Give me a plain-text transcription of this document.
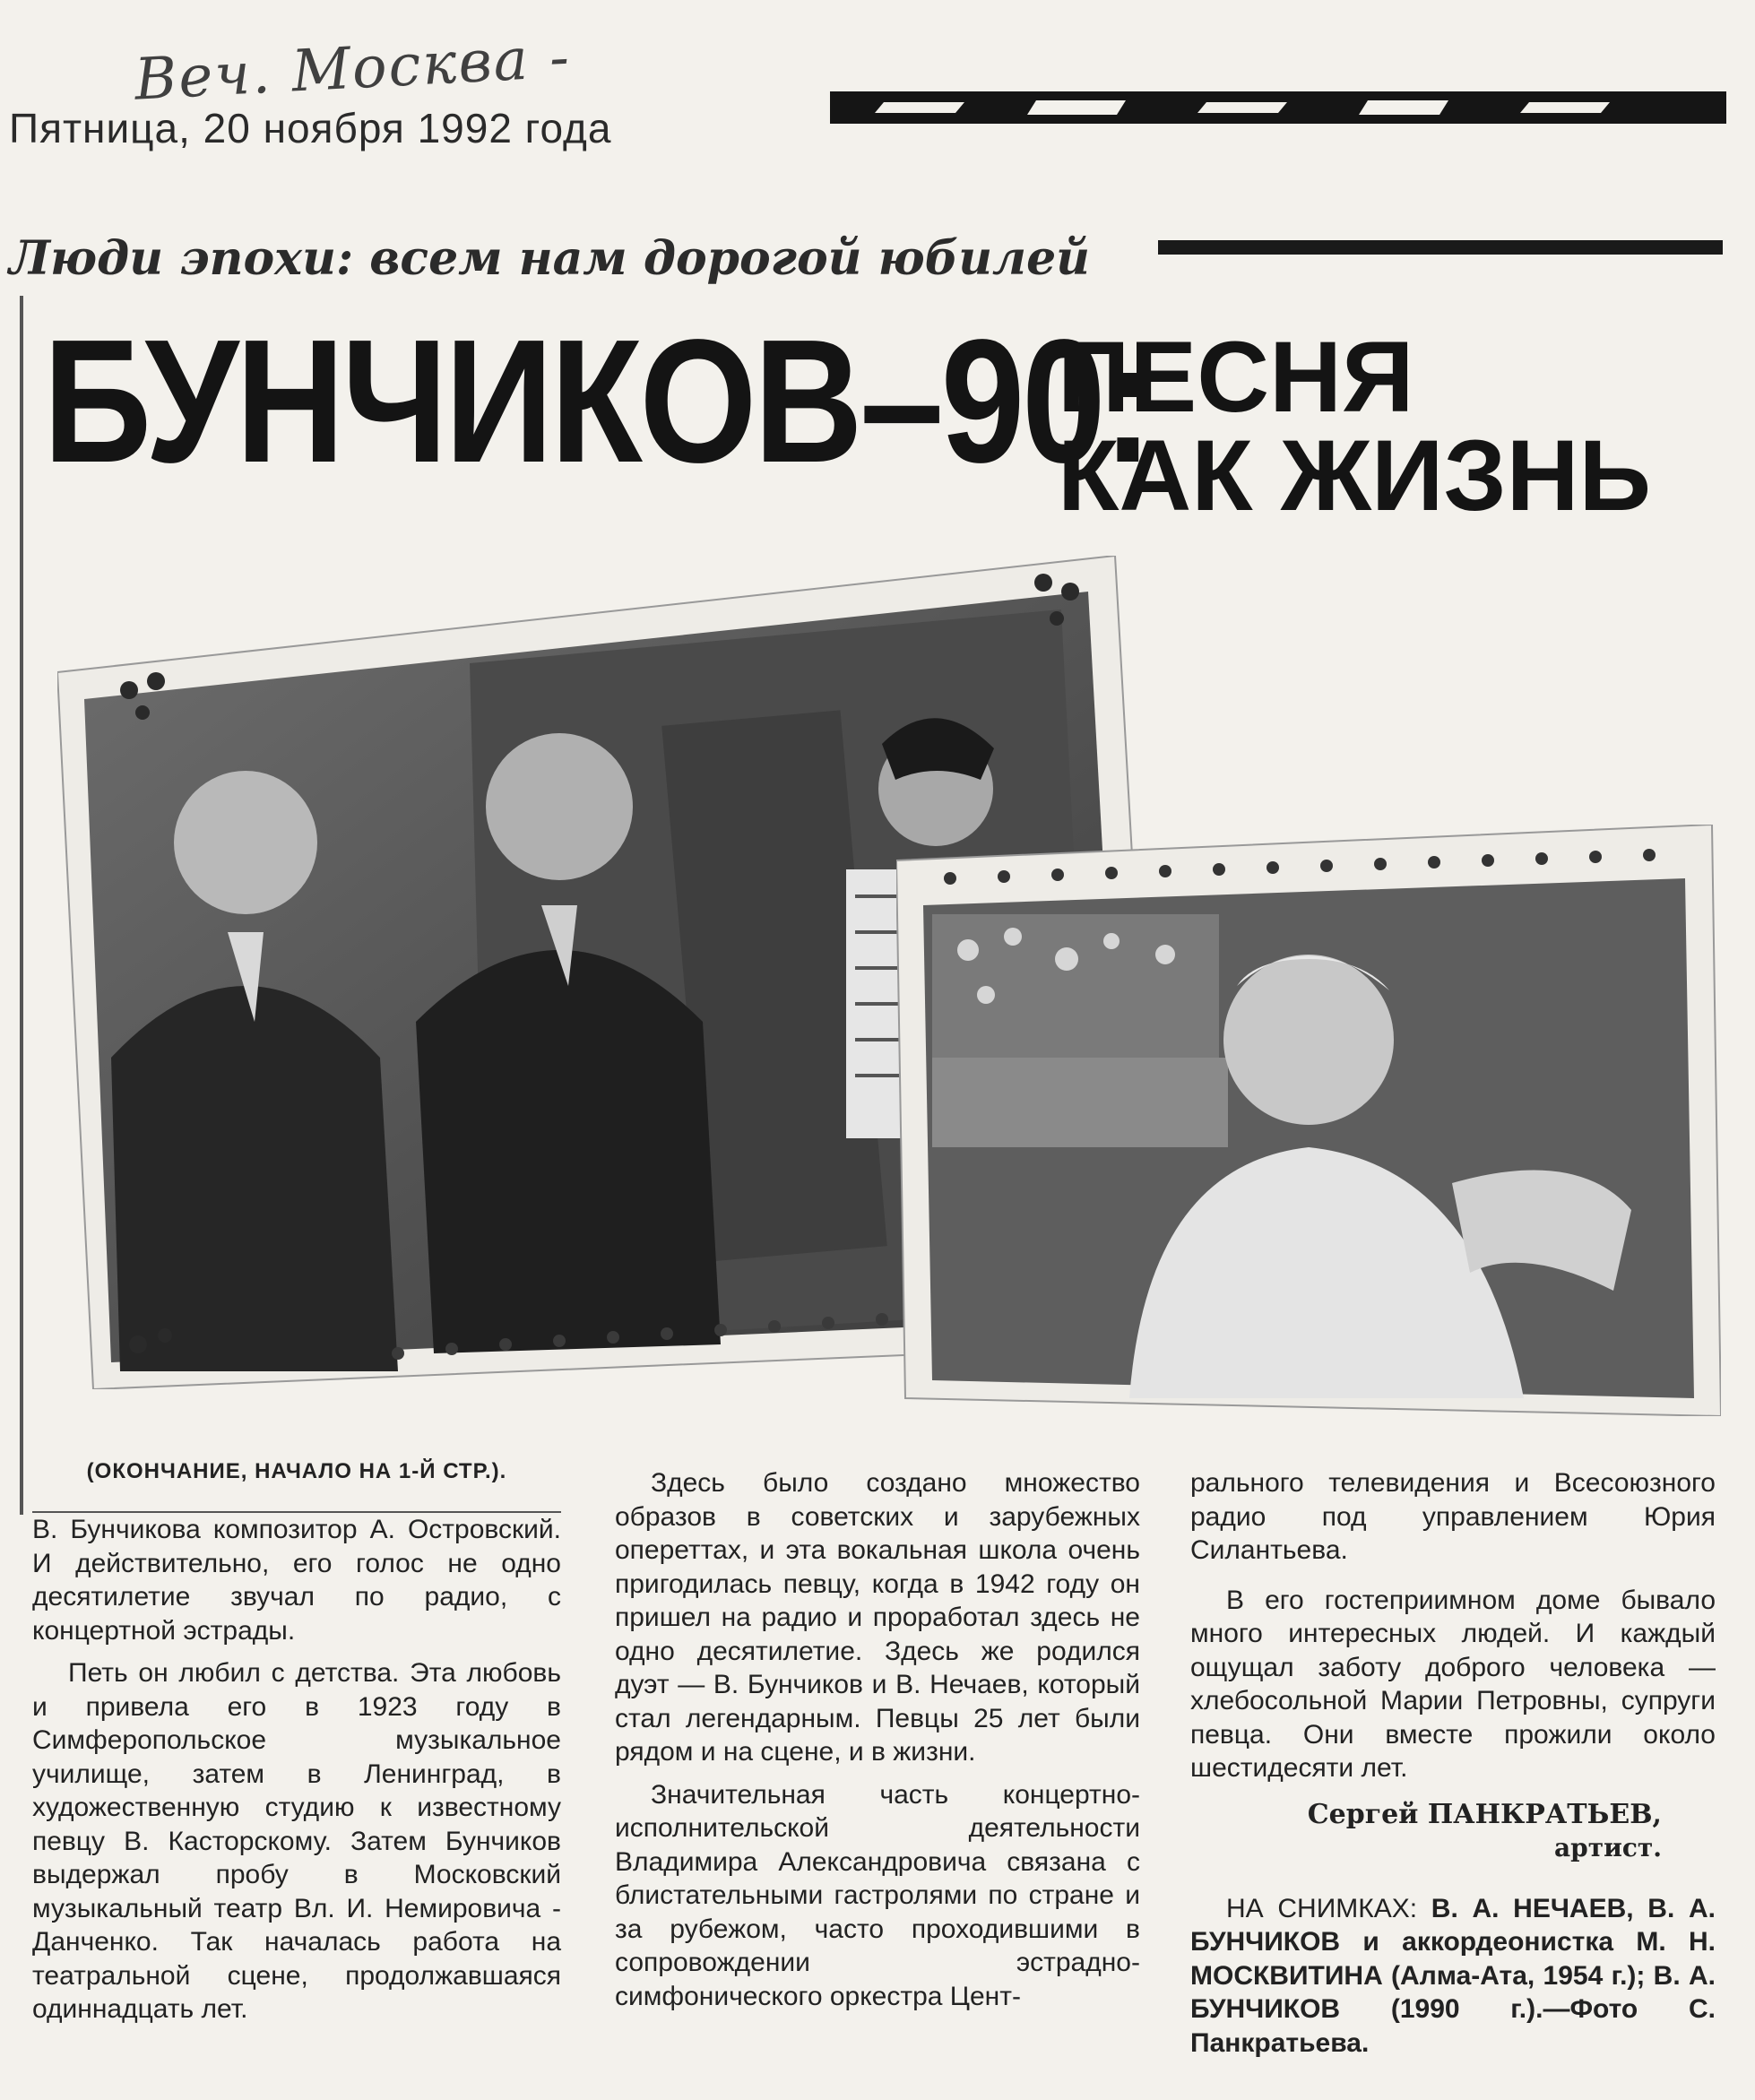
Веч. Москва -
Пятница, 20 ноября 1992 года
Люди эпохи: всем нам дорогой юбилей
БУНЧИКОВ–90:
ПЕСНЯ
КАК ЖИЗНЬ
(ОКОНЧАНИЕ, НАЧАЛО НА 1-Й СТР.).

В. Бунчикова композитор А. Островский. И действительно, его голос не одно десятилетие звучал по радио, с концертной эстрады.

Петь он любил с детства. Эта любовь и привела его в 1923 году в Симферопольское музыкальное училище, затем в Ленинград, в художественную студию к известному певцу В. Касторскому. Затем Бунчиков выдержал пробу в Московский музыкальный театр Вл. И. Немировича - Данченко. Так началась работа на театральной сцене, продолжавшаяся одиннадцать лет.

Здесь было создано множество образов в советских и зарубежных опереттах, и эта вокальная школа очень пригодилась певцу, когда в 1942 году он пришел на радио и проработал здесь не одно десятилетие. Здесь же родился дуэт — В. Бунчиков и В. Нечаев, который стал легендарным. Певцы 25 лет были рядом и на сцене, и в жизни.

Значительная часть концертно-исполнительской деятельности Владимира Александровича связана с блистательными гастролями по стране и за рубежом, часто проходившими в сопровождении эстрадно-симфонического оркестра Цент-

рального телевидения и Всесоюзного радио под управлением Юрия Силантьева.

В его гостеприимном доме бывало много интересных людей. И каждый ощущал заботу доброго человека — хлебосольной Марии Петровны, супруги певца. Они вместе прожили около шестидесяти лет.

Сергей ПАНКРАТЬЕВ,
артист.

НА СНИМКАХ: В. А. НЕЧАЕВ, В. А. БУНЧИКОВ и аккордеонистка М. Н. МОСКВИТИНА (Алма-Ата, 1954 г.); В. А. БУНЧИКОВ (1990 г.).—Фото С. Панкратьева.
